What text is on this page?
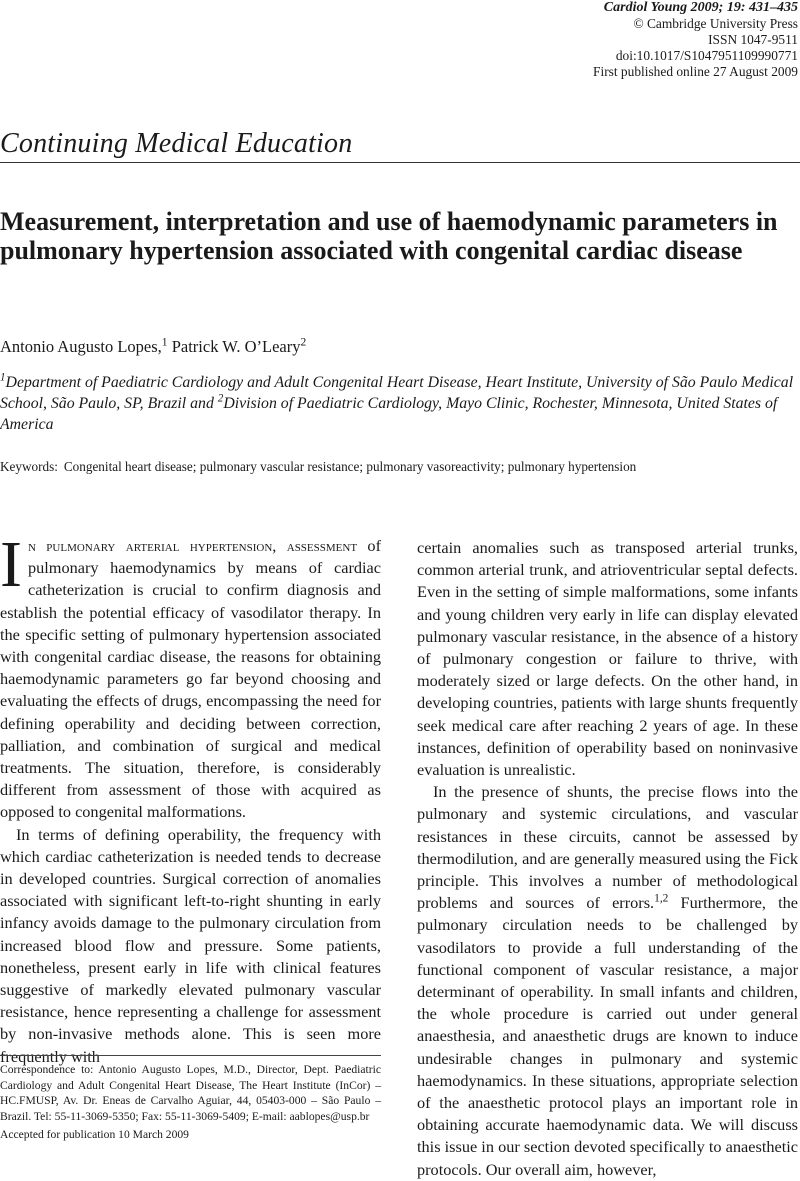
Cardiol Young 2009; 19: 431–435
© Cambridge University Press
ISSN 1047-9511
doi:10.1017/S1047951109990771
First published online 27 August 2009
Continuing Medical Education
Measurement, interpretation and use of haemodynamic parameters in pulmonary hypertension associated with congenital cardiac disease
Antonio Augusto Lopes,$^1$ Patrick W. O’Leary$^2$
$^1$Department of Paediatric Cardiology and Adult Congenital Heart Disease, Heart Institute, University of São Paulo Medical School, São Paulo, SP, Brazil and $^2$Division of Paediatric Cardiology, Mayo Clinic, Rochester, Minnesota, United States of America
Keywords: Congenital heart disease; pulmonary vascular resistance; pulmonary vasoreactivity; pulmonary hypertension

In pulmonary arterial hypertension, assessment of pulmonary haemodynamics by means of cardiac catheterization is crucial to confirm diagnosis and establish the potential efficacy of vasodilator therapy. In the specific setting of pulmonary hypertension associated with congenital cardiac disease, the reasons for obtaining haemodynamic parameters go far beyond choosing and evaluating the effects of drugs, encompassing the need for defining operability and deciding between correction, palliation, and combination of surgical and medical treatments. The situation, therefore, is considerably different from assessment of those with acquired as opposed to congenital malformations.

In terms of defining operability, the frequency with which cardiac catheterization is needed tends to decrease in developed countries. Surgical correction of anomalies associated with significant left-to-right shunting in early infancy avoids damage to the pulmonary circulation from increased blood flow and pressure. Some patients, nonetheless, present early in life with clinical features suggestive of markedly elevated pulmonary vascular resistance, hence representing a challenge for assessment by non-invasive methods alone. This is seen more frequently with

certain anomalies such as transposed arterial trunks, common arterial trunk, and atrioventricular septal defects. Even in the setting of simple malformations, some infants and young children very early in life can display elevated pulmonary vascular resistance, in the absence of a history of pulmonary congestion or failure to thrive, with moderately sized or large defects. On the other hand, in developing countries, patients with large shunts frequently seek medical care after reaching 2 years of age. In these instances, definition of operability based on noninvasive evaluation is unrealistic.

In the presence of shunts, the precise flows into the pulmonary and systemic circulations, and vascular resistances in these circuits, cannot be assessed by thermodilution, and are generally measured using the Fick principle. This involves a number of methodological problems and sources of errors.$^{1,2}$ Furthermore, the pulmonary circulation needs to be challenged by vasodilators to provide a full understanding of the functional component of vascular resistance, a major determinant of operability. In small infants and children, the whole procedure is carried out under general anaesthesia, and anaesthetic drugs are known to induce undesirable changes in pulmonary and systemic haemodynamics. In these situations, appropriate selection of the anaesthetic protocol plays an important role in obtaining accurate haemodynamic data. We will discuss this issue in our section devoted specifically to anaesthetic protocols. Our overall aim, however,

Correspondence to: Antonio Augusto Lopes, M.D., Director, Dept. Paediatric Cardiology and Adult Congenital Heart Disease, The Heart Institute (InCor) – HC.FMUSP, Av. Dr. Eneas de Carvalho Aguiar, 44, 05403-000 – São Paulo – Brazil. Tel: 55-11-3069-5350; Fax: 55-11-3069-5409; E-mail: aablopes@usp.br
Accepted for publication 10 March 2009
